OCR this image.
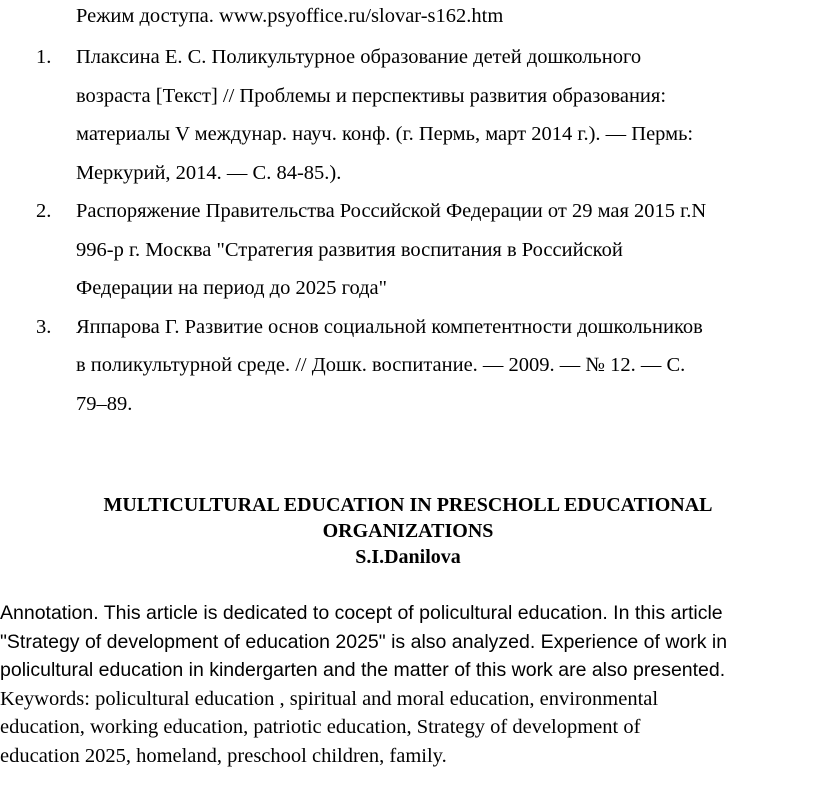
Режим доступа. www.psyoffice.ru/slovar-s162.htm
1. Плаксина Е. С. Поликультурное образование детей дошкольного
возраста [Текст] // Проблемы и перспективы развития образования:
материалы V междунар. науч. конф. (г. Пермь, март 2014 г.). — Пермь:
Меркурий, 2014. — С. 84-85.).
2. Распоряжение Правительства Российской Федерации от 29 мая 2015 г.N
996-р г. Москва "Стратегия развития воспитания в Российской
Федерации на период до 2025 года"
3. Яппарова Г. Развитие основ социальной компетентности дошкольников
в поликультурной среде. // Дошк. воспитание. — 2009. — № 12. — С.
79–89.
MULTICULTURAL EDUCATION IN PRESCHOLL EDUCATIONAL
ORGANIZATIONS
S.I.Danilova
Annotation. This article is dedicated to cocept of policultural education. In this article
"Strategy of development of education 2025" is also analyzed. Experience of work in
policultural education in kindergarten and the matter of this work are also presented.
Keywords: policultural education , spiritual and moral education, environmental
education, working education, patriotic education, Strategy of development of
education 2025, homeland, preschool children, family.
